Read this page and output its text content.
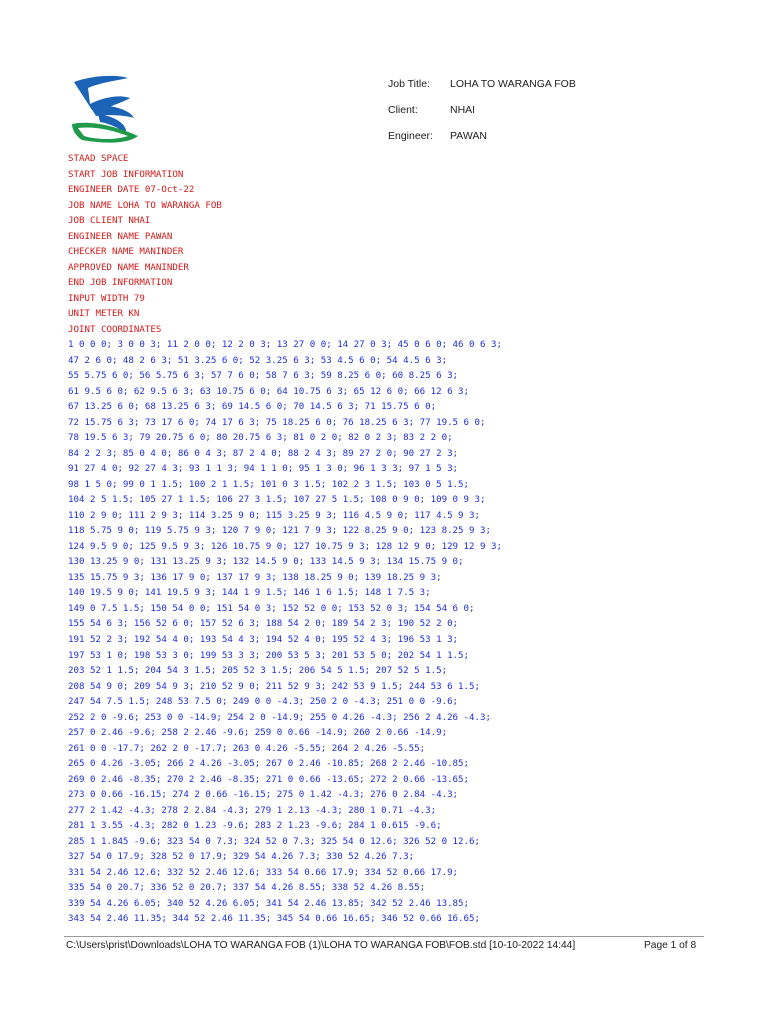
Job Title: LOHA TO WARANGA FOB
Client:	NHAI
Engineer: PAWAN
STAAD SPACE
START JOB INFORMATION
ENGINEER DATE 07-Oct-22
JOB NAME LOHA TO WARANGA FOB
JOB CLIENT NHAI
ENGINEER NAME PAWAN
CHECKER NAME MANINDER
APPROVED NAME MANINDER
END JOB INFORMATION
INPUT WIDTH 79
UNIT METER KN
JOINT COORDINATES
1 0 0 0; 3 0 0 3; 11 2 0 0; 12 2 0 3; 13 27 0 0; 14 27 0 3; 45 0 6 0; 46 0 6 3;
47 2 6 0; 48 2 6 3; 51 3.25 6 0; 52 3.25 6 3; 53 4.5 6 0; 54 4.5 6 3;
55 5.75 6 0; 56 5.75 6 3; 57 7 6 0; 58 7 6 3; 59 8.25 6 0; 60 8.25 6 3;
61 9.5 6 0; 62 9.5 6 3; 63 10.75 6 0; 64 10.75 6 3; 65 12 6 0; 66 12 6 3;
67 13.25 6 0; 68 13.25 6 3; 69 14.5 6 0; 70 14.5 6 3; 71 15.75 6 0;
72 15.75 6 3; 73 17 6 0; 74 17 6 3; 75 18.25 6 0; 76 18.25 6 3; 77 19.5 6 0;
78 19.5 6 3; 79 20.75 6 0; 80 20.75 6 3; 81 0 2 0; 82 0 2 3; 83 2 2 0;
84 2 2 3; 85 0 4 0; 86 0 4 3; 87 2 4 0; 88 2 4 3; 89 27 2 0; 90 27 2 3;
91 27 4 0; 92 27 4 3; 93 1 1 3; 94 1 1 0; 95 1 3 0; 96 1 3 3; 97 1 5 3;
98 1 5 0; 99 0 1 1.5; 100 2 1 1.5; 101 0 3 1.5; 102 2 3 1.5; 103 0 5 1.5;
104 2 5 1.5; 105 27 1 1.5; 106 27 3 1.5; 107 27 5 1.5; 108 0 9 0; 109 0 9 3;
110 2 9 0; 111 2 9 3; 114 3.25 9 0; 115 3.25 9 3; 116 4.5 9 0; 117 4.5 9 3;
118 5.75 9 0; 119 5.75 9 3; 120 7 9 0; 121 7 9 3; 122 8.25 9 0; 123 8.25 9 3;
124 9.5 9 0; 125 9.5 9 3; 126 10.75 9 0; 127 10.75 9 3; 128 12 9 0; 129 12 9 3;
130 13.25 9 0; 131 13.25 9 3; 132 14.5 9 0; 133 14.5 9 3; 134 15.75 9 0;
135 15.75 9 3; 136 17 9 0; 137 17 9 3; 138 18.25 9 0; 139 18.25 9 3;
140 19.5 9 0; 141 19.5 9 3; 144 1 9 1.5; 146 1 6 1.5; 148 1 7.5 3;
149 0 7.5 1.5; 150 54 0 0; 151 54 0 3; 152 52 0 0; 153 52 0 3; 154 54 6 0;
155 54 6 3; 156 52 6 0; 157 52 6 3; 188 54 2 0; 189 54 2 3; 190 52 2 0;
191 52 2 3; 192 54 4 0; 193 54 4 3; 194 52 4 0; 195 52 4 3; 196 53 1 3;
197 53 1 0; 198 53 3 0; 199 53 3 3; 200 53 5 3; 201 53 5 0; 202 54 1 1.5;
203 52 1 1.5; 204 54 3 1.5; 205 52 3 1.5; 206 54 5 1.5; 207 52 5 1.5;
208 54 9 0; 209 54 9 3; 210 52 9 0; 211 52 9 3; 242 53 9 1.5; 244 53 6 1.5;
247 54 7.5 1.5; 248 53 7.5 0; 249 0 0 -4.3; 250 2 0 -4.3; 251 0 0 -9.6;
252 2 0 -9.6; 253 0 0 -14.9; 254 2 0 -14.9; 255 0 4.26 -4.3; 256 2 4.26 -4.3;
257 0 2.46 -9.6; 258 2 2.46 -9.6; 259 0 0.66 -14.9; 260 2 0.66 -14.9;
261 0 0 -17.7; 262 2 0 -17.7; 263 0 4.26 -5.55; 264 2 4.26 -5.55;
265 0 4.26 -3.05; 266 2 4.26 -3.05; 267 0 2.46 -10.85; 268 2 2.46 -10.85;
269 0 2.46 -8.35; 270 2 2.46 -8.35; 271 0 0.66 -13.65; 272 2 0.66 -13.65;
273 0 0.66 -16.15; 274 2 0.66 -16.15; 275 0 1.42 -4.3; 276 0 2.84 -4.3;
277 2 1.42 -4.3; 278 2 2.84 -4.3; 279 1 2.13 -4.3; 280 1 0.71 -4.3;
281 1 3.55 -4.3; 282 0 1.23 -9.6; 283 2 1.23 -9.6; 284 1 0.615 -9.6;
285 1 1.845 -9.6; 323 54 0 7.3; 324 52 0 7.3; 325 54 0 12.6; 326 52 0 12.6;
327 54 0 17.9; 328 52 0 17.9; 329 54 4.26 7.3; 330 52 4.26 7.3;
331 54 2.46 12.6; 332 52 2.46 12.6; 333 54 0.66 17.9; 334 52 0.66 17.9;
335 54 0 20.7; 336 52 0 20.7; 337 54 4.26 8.55; 338 52 4.26 8.55;
339 54 4.26 6.05; 340 52 4.26 6.05; 341 54 2.46 13.85; 342 52 2.46 13.85;
343 54 2.46 11.35; 344 52 2.46 11.35; 345 54 0.66 16.65; 346 52 0.66 16.65;
C:\Users\prist\Downloads\LOHA TO WARANGA FOB (1)\LOHA TO WARANGA FOB\FOB.std [10-10-2022 14:44]	Page 1 of 8
